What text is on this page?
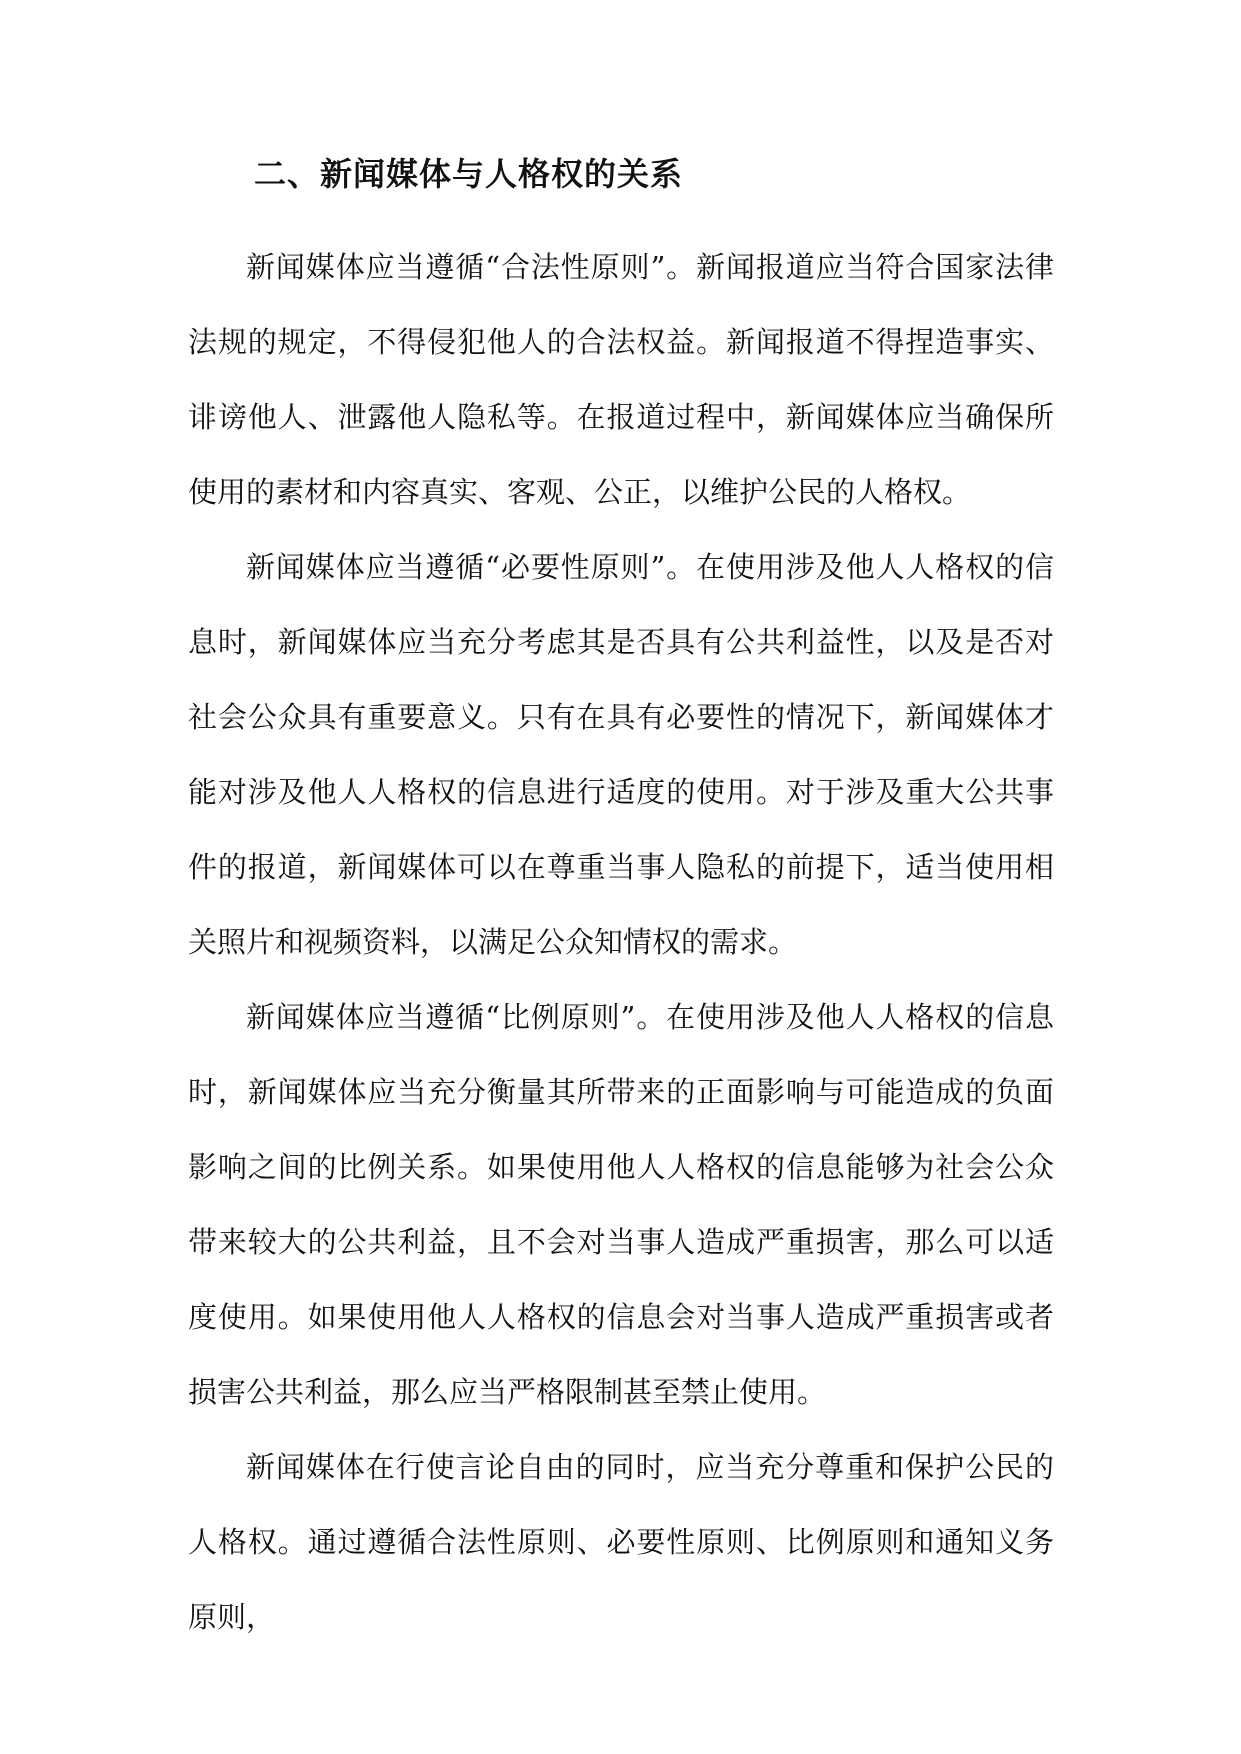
二、新闻媒体与人格权的关系

新闻媒体应当遵循“合法性原则”。新闻报道应当符合国家法律法规的规定，不得侵犯他人的合法权益。新闻报道不得捏造事实、诽谤他人、泄露他人隐私等。在报道过程中，新闻媒体应当确保所使用的素材和内容真实、客观、公正，以维护公民的人格权。

新闻媒体应当遵循“必要性原则”。在使用涉及他人人格权的信息时，新闻媒体应当充分考虑其是否具有公共利益性，以及是否对社会公众具有重要意义。只有在具有必要性的情况下，新闻媒体才能对涉及他人人格权的信息进行适度的使用。对于涉及重大公共事件的报道，新闻媒体可以在尊重当事人隐私的前提下，适当使用相关照片和视频资料，以满足公众知情权的需求。

新闻媒体应当遵循“比例原则”。在使用涉及他人人格权的信息时，新闻媒体应当充分衡量其所带来的正面影响与可能造成的负面影响之间的比例关系。如果使用他人人格权的信息能够为社会公众带来较大的公共利益，且不会对当事人造成严重损害，那么可以适度使用。如果使用他人人格权的信息会对当事人造成严重损害或者损害公共利益，那么应当严格限制甚至禁止使用。

新闻媒体在行使言论自由的同时，应当充分尊重和保护公民的人格权。通过遵循合法性原则、必要性原则、比例原则和通知义务原则，
